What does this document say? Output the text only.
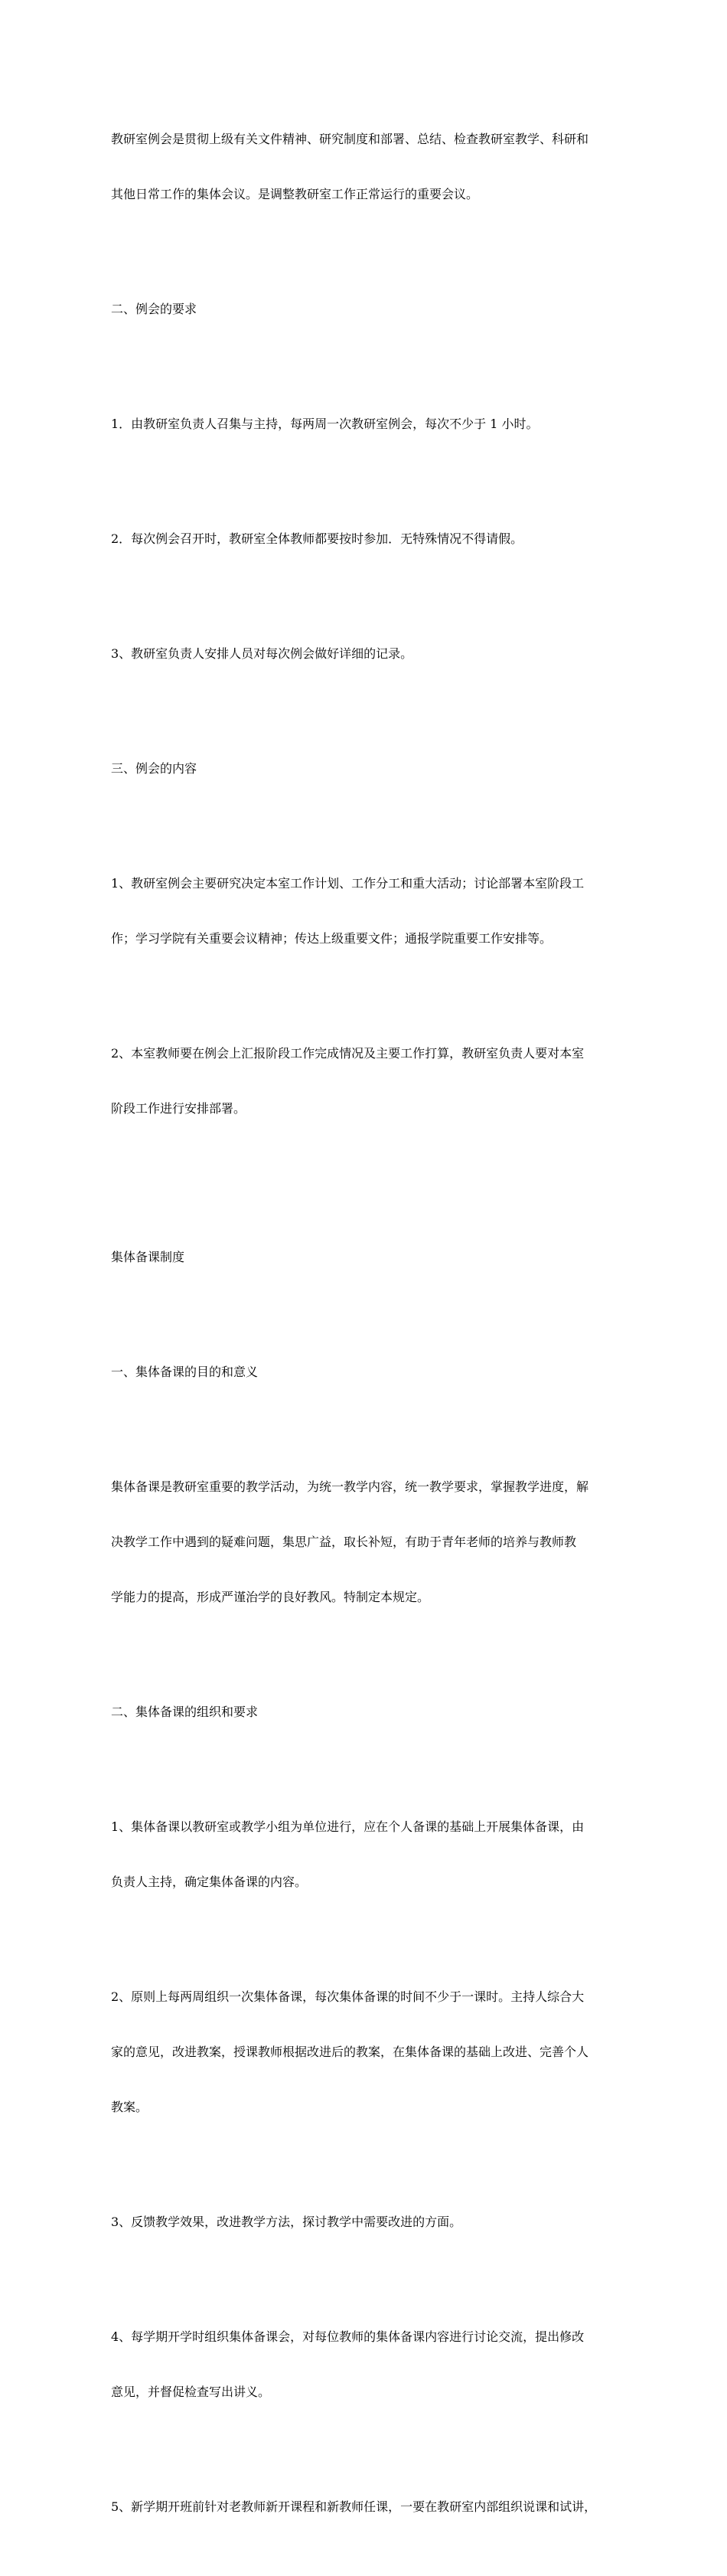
教研室例会是贯彻上级有关文件精神、研究制度和部署、总结、检查教研室教学、科研和

其他日常工作的集体会议。是调整教研室工作正常运行的重要会议。

二、例会的要求

1．由教研室负责人召集与主持，每两周一次教研室例会，每次不少于 1 小时。

2．每次例会召开时，教研室全体教师都要按时参加．无特殊情况不得请假。

3、教研室负责人安排人员对每次例会做好详细的记录。

三、例会的内容

1、教研室例会主要研究决定本室工作计划、工作分工和重大活动；讨论部署本室阶段工

作；学习学院有关重要会议精神；传达上级重要文件；通报学院重要工作安排等。

2、本室教师要在例会上汇报阶段工作完成情况及主要工作打算，教研室负责人要对本室

阶段工作进行安排部署。

集体备课制度

一、集体备课的目的和意义

集体备课是教研室重要的教学活动，为统一教学内容，统一教学要求，掌握教学进度，解

决教学工作中遇到的疑难问题，集思广益，取长补短，有助于青年老师的培养与教师教

学能力的提高，形成严谨治学的良好教风。特制定本规定。

二、集体备课的组织和要求

1、集体备课以教研室或教学小组为单位进行，应在个人备课的基础上开展集体备课，由

负责人主持，确定集体备课的内容。

2、原则上每两周组织一次集体备课，每次集体备课的时间不少于一课时。主持人综合大

家的意见，改进教案，授课教师根据改进后的教案，在集体备课的基础上改进、完善个人

教案。

3、反馈教学效果，改进教学方法，探讨教学中需要改进的方面。

4、每学期开学时组织集体备课会，对每位教师的集体备课内容进行讨论交流，提出修改

意见，并督促检查写出讲义。

5、新学期开班前针对老教师新开课程和新教师任课，一要在教研室内部组织说课和试讲，
